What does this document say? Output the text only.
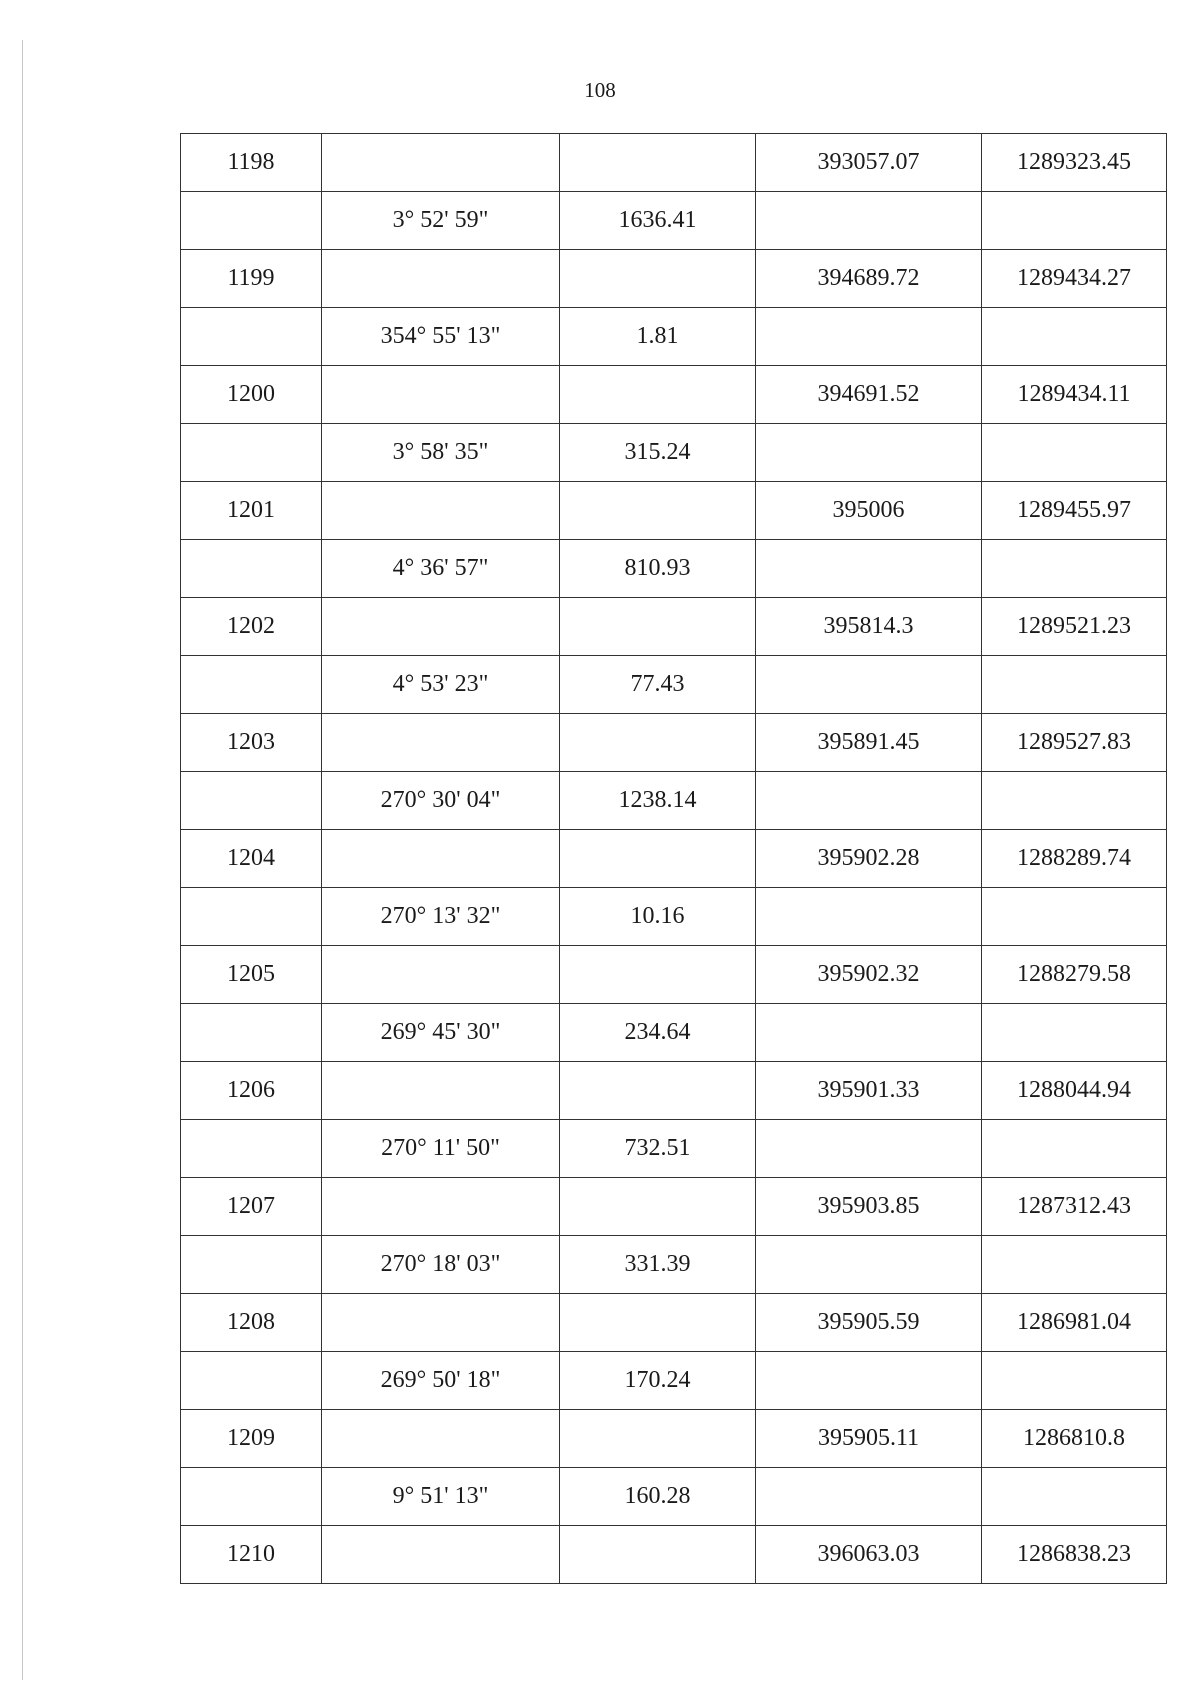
108
1198			393057.07	1289323.45
	3° 52' 59"	1636.41		
1199			394689.72	1289434.27
	354° 55' 13"	1.81		
1200			394691.52	1289434.11
	3° 58' 35"	315.24		
1201			395006	1289455.97
	4° 36' 57"	810.93		
1202			395814.3	1289521.23
	4° 53' 23"	77.43		
1203			395891.45	1289527.83
	270° 30' 04"	1238.14		
1204			395902.28	1288289.74
	270° 13' 32"	10.16		
1205			395902.32	1288279.58
	269° 45' 30"	234.64		
1206			395901.33	1288044.94
	270° 11' 50"	732.51		
1207			395903.85	1287312.43
	270° 18' 03"	331.39		
1208			395905.59	1286981.04
	269° 50' 18"	170.24		
1209			395905.11	1286810.8
	9° 51' 13"	160.28		
1210			396063.03	1286838.23
